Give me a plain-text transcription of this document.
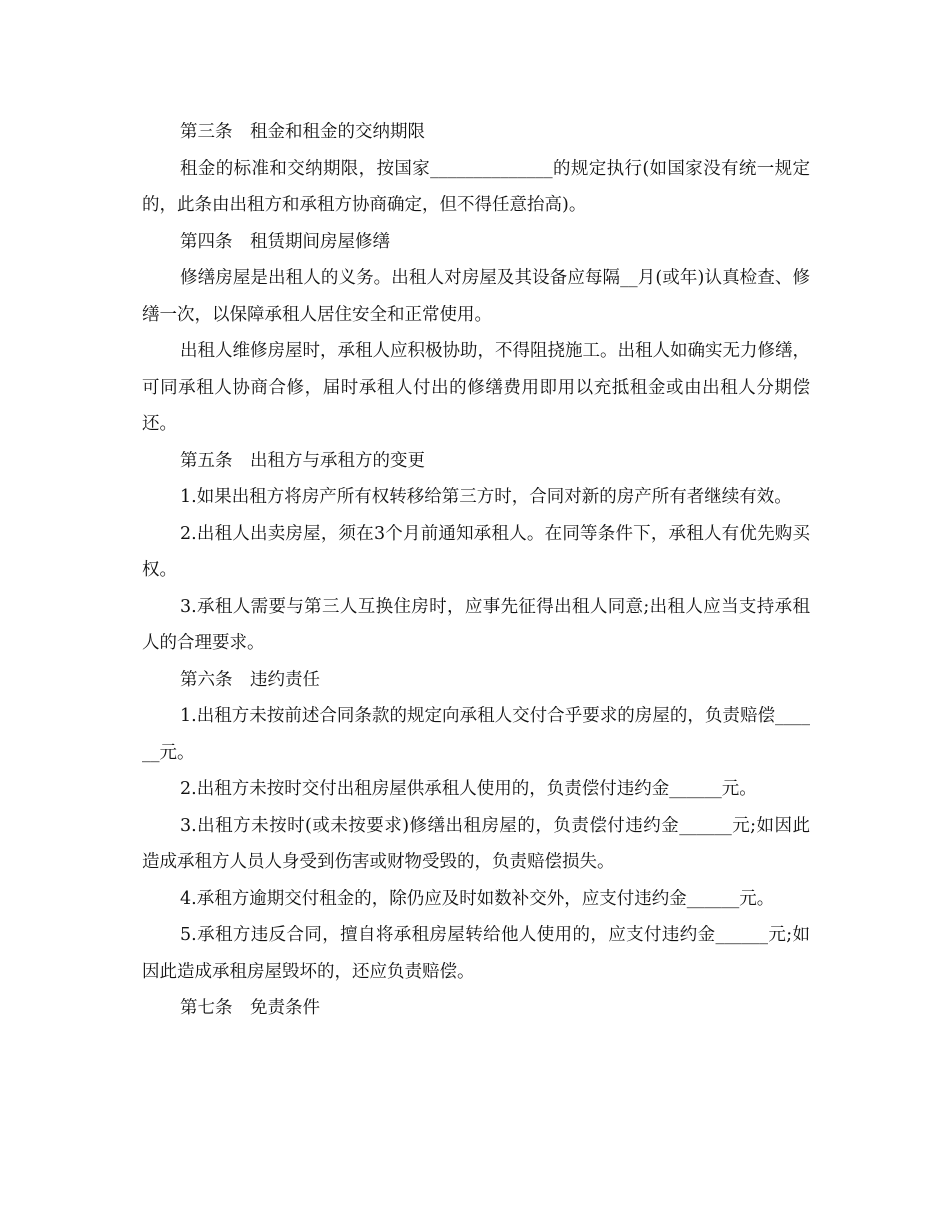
第三条　租金和租金的交纳期限

租金的标准和交纳期限，按国家______________的规定执行(如国家没有统一规定的，此条由出租方和承租方协商确定，但不得任意抬高)。

第四条　租赁期间房屋修缮

修缮房屋是出租人的义务。出租人对房屋及其设备应每隔__月(或年)认真检查、修缮一次，以保障承租人居住安全和正常使用。

出租人维修房屋时，承租人应积极协助，不得阻挠施工。出租人如确实无力修缮，可同承租人协商合修，届时承租人付出的修缮费用即用以充抵租金或由出租人分期偿还。

第五条　出租方与承租方的变更

1.如果出租方将房产所有权转移给第三方时，合同对新的房产所有者继续有效。

2.出租人出卖房屋，须在3个月前通知承租人。在同等条件下，承租人有优先购买权。

3.承租人需要与第三人互换住房时，应事先征得出租人同意;出租人应当支持承租人的合理要求。

第六条　违约责任

1.出租方未按前述合同条款的规定向承租人交付合乎要求的房屋的，负责赔偿______元。

2.出租方未按时交付出租房屋供承租人使用的，负责偿付违约金______元。

3.出租方未按时(或未按要求)修缮出租房屋的，负责偿付违约金______元;如因此造成承租方人员人身受到伤害或财物受毁的，负责赔偿损失。

4.承租方逾期交付租金的，除仍应及时如数补交外，应支付违约金______元。

5.承租方违反合同，擅自将承租房屋转给他人使用的，应支付违约金______元;如因此造成承租房屋毁坏的，还应负责赔偿。

第七条　免责条件
